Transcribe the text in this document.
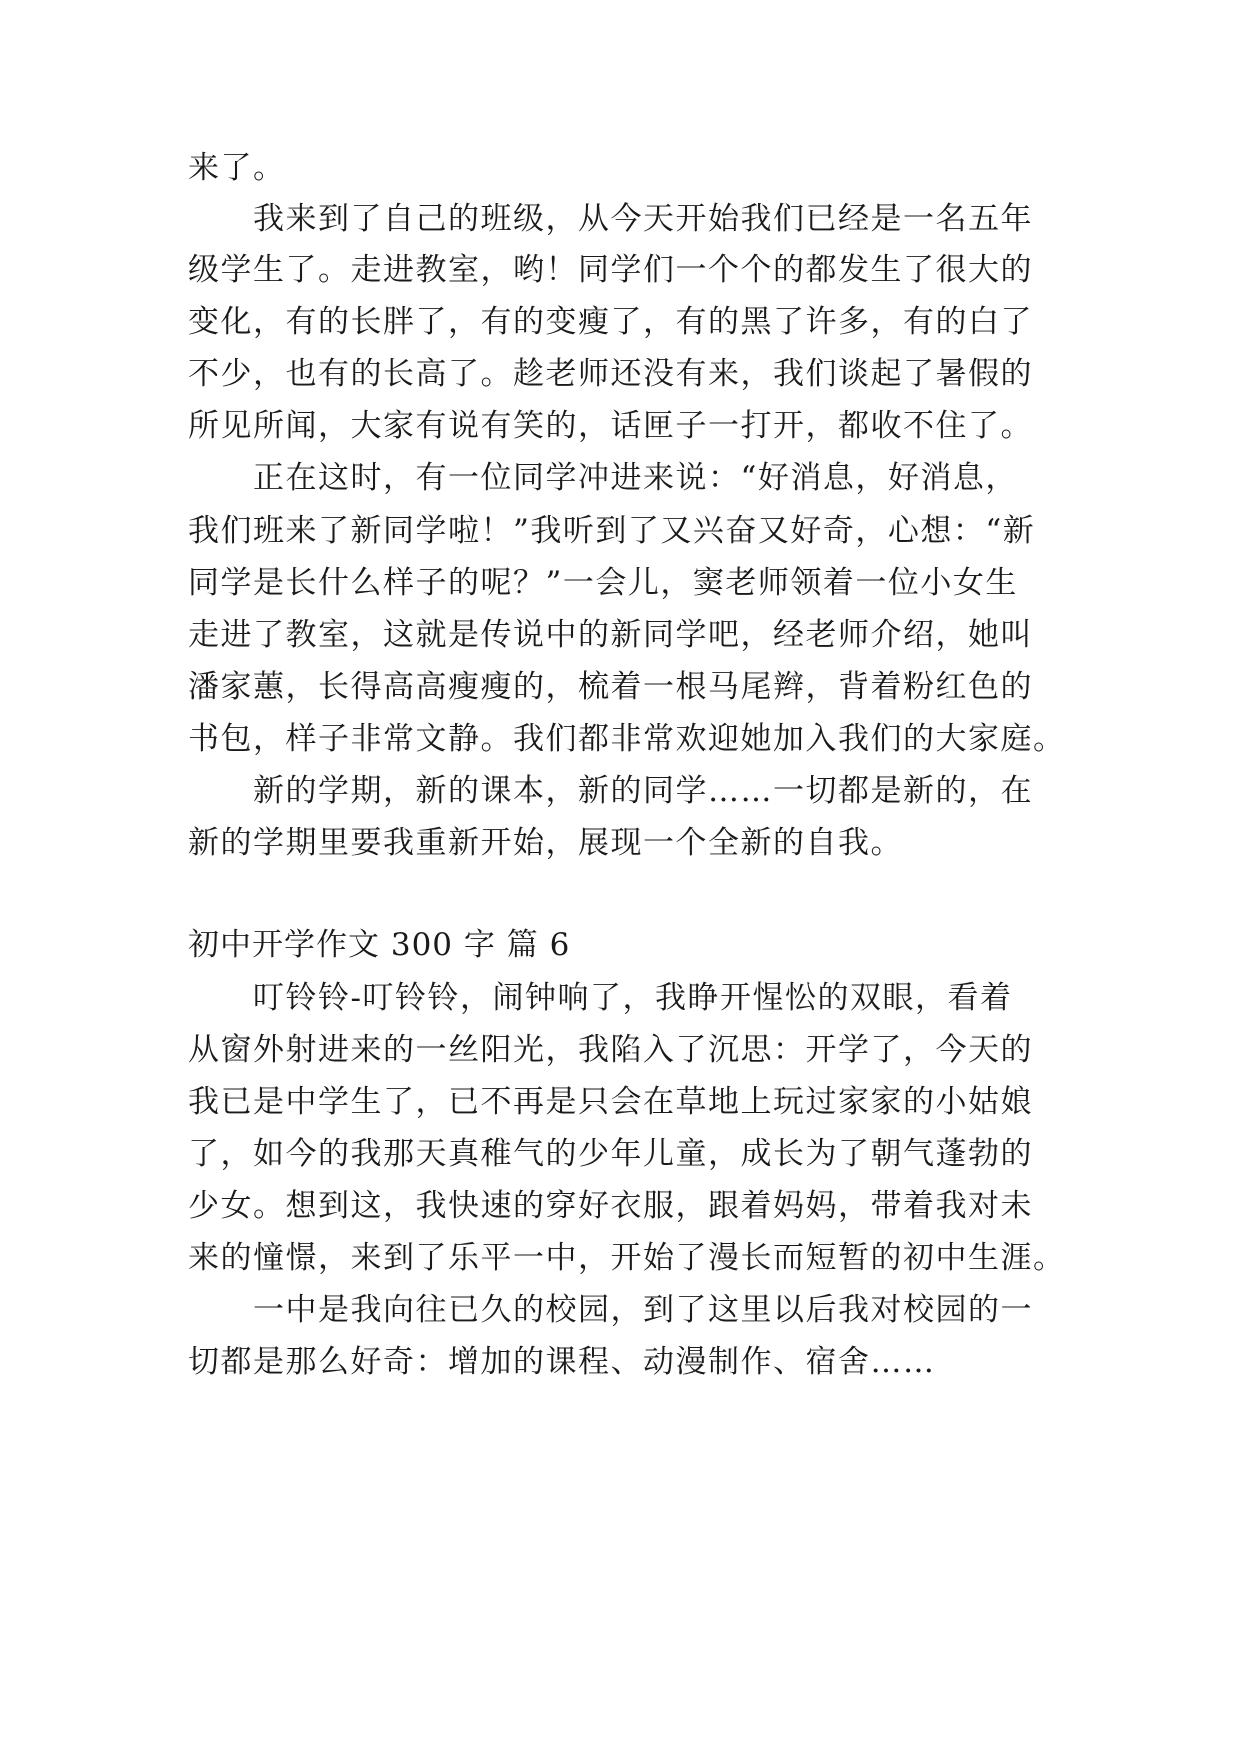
来了。
我来到了自己的班级，从今天开始我们已经是一名五年
级学生了。走进教室，哟！同学们一个个的都发生了很大的
变化，有的长胖了，有的变瘦了，有的黑了许多，有的白了
不少，也有的长高了。趁老师还没有来，我们谈起了暑假的
所见所闻，大家有说有笑的，话匣子一打开，都收不住了。
正在这时，有一位同学冲进来说：“好消息，好消息，
我们班来了新同学啦！”我听到了又兴奋又好奇，心想：“新
同学是长什么样子的呢？”一会儿，窦老师领着一位小女生
走进了教室，这就是传说中的新同学吧，经老师介绍，她叫
潘家蕙，长得高高瘦瘦的，梳着一根马尾辫，背着粉红色的
书包，样子非常文静。我们都非常欢迎她加入我们的大家庭。
新的学期，新的课本，新的同学……一切都是新的，在
新的学期里要我重新开始，展现一个全新的自我。
初中开学作文 300 字 篇 6
叮铃铃-叮铃铃，闹钟响了，我睁开惺忪的双眼，看着
从窗外射进来的一丝阳光，我陷入了沉思：开学了，今天的
我已是中学生了，已不再是只会在草地上玩过家家的小姑娘
了，如今的我那天真稚气的少年儿童，成长为了朝气蓬勃的
少女。想到这，我快速的穿好衣服，跟着妈妈，带着我对未
来的憧憬，来到了乐平一中，开始了漫长而短暂的初中生涯。
一中是我向往已久的校园，到了这里以后我对校园的一
切都是那么好奇：增加的课程、动漫制作、宿舍……
